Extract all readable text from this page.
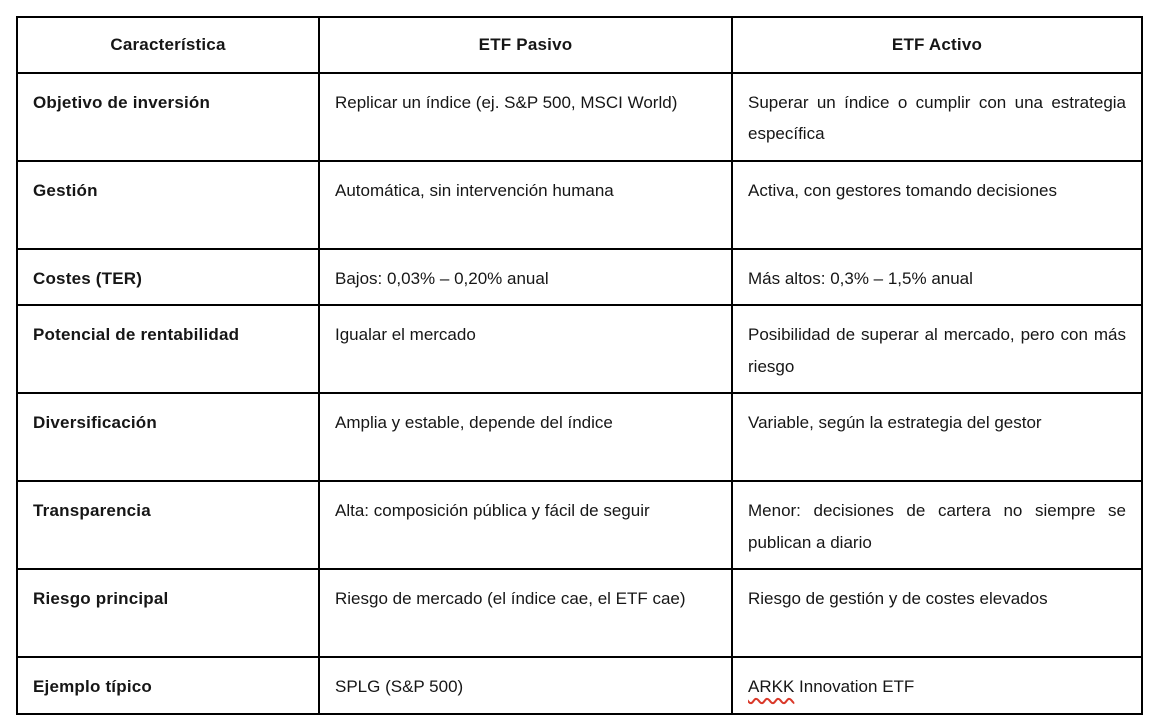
Característica	ETF Pasivo	ETF Activo
Objetivo de inversión	Replicar un índice (ej. S&P 500, MSCI World)	Superar un índice o cumplir con una estrategia específica
Gestión	Automática, sin intervención humana	Activa, con gestores tomando decisiones
Costes (TER)	Bajos: 0,03% – 0,20% anual	Más altos: 0,3% – 1,5% anual
Potencial de rentabilidad	Igualar el mercado	Posibilidad de superar al mercado, pero con más riesgo
Diversificación	Amplia y estable, depende del índice	Variable, según la estrategia del gestor
Transparencia	Alta: composición pública y fácil de seguir	Menor: decisiones de cartera no siempre se publican a diario
Riesgo principal	Riesgo de mercado (el índice cae, el ETF cae)	Riesgo de gestión y de costes elevados
Ejemplo típico	SPLG (S&P 500)	ARKK Innovation ETF
